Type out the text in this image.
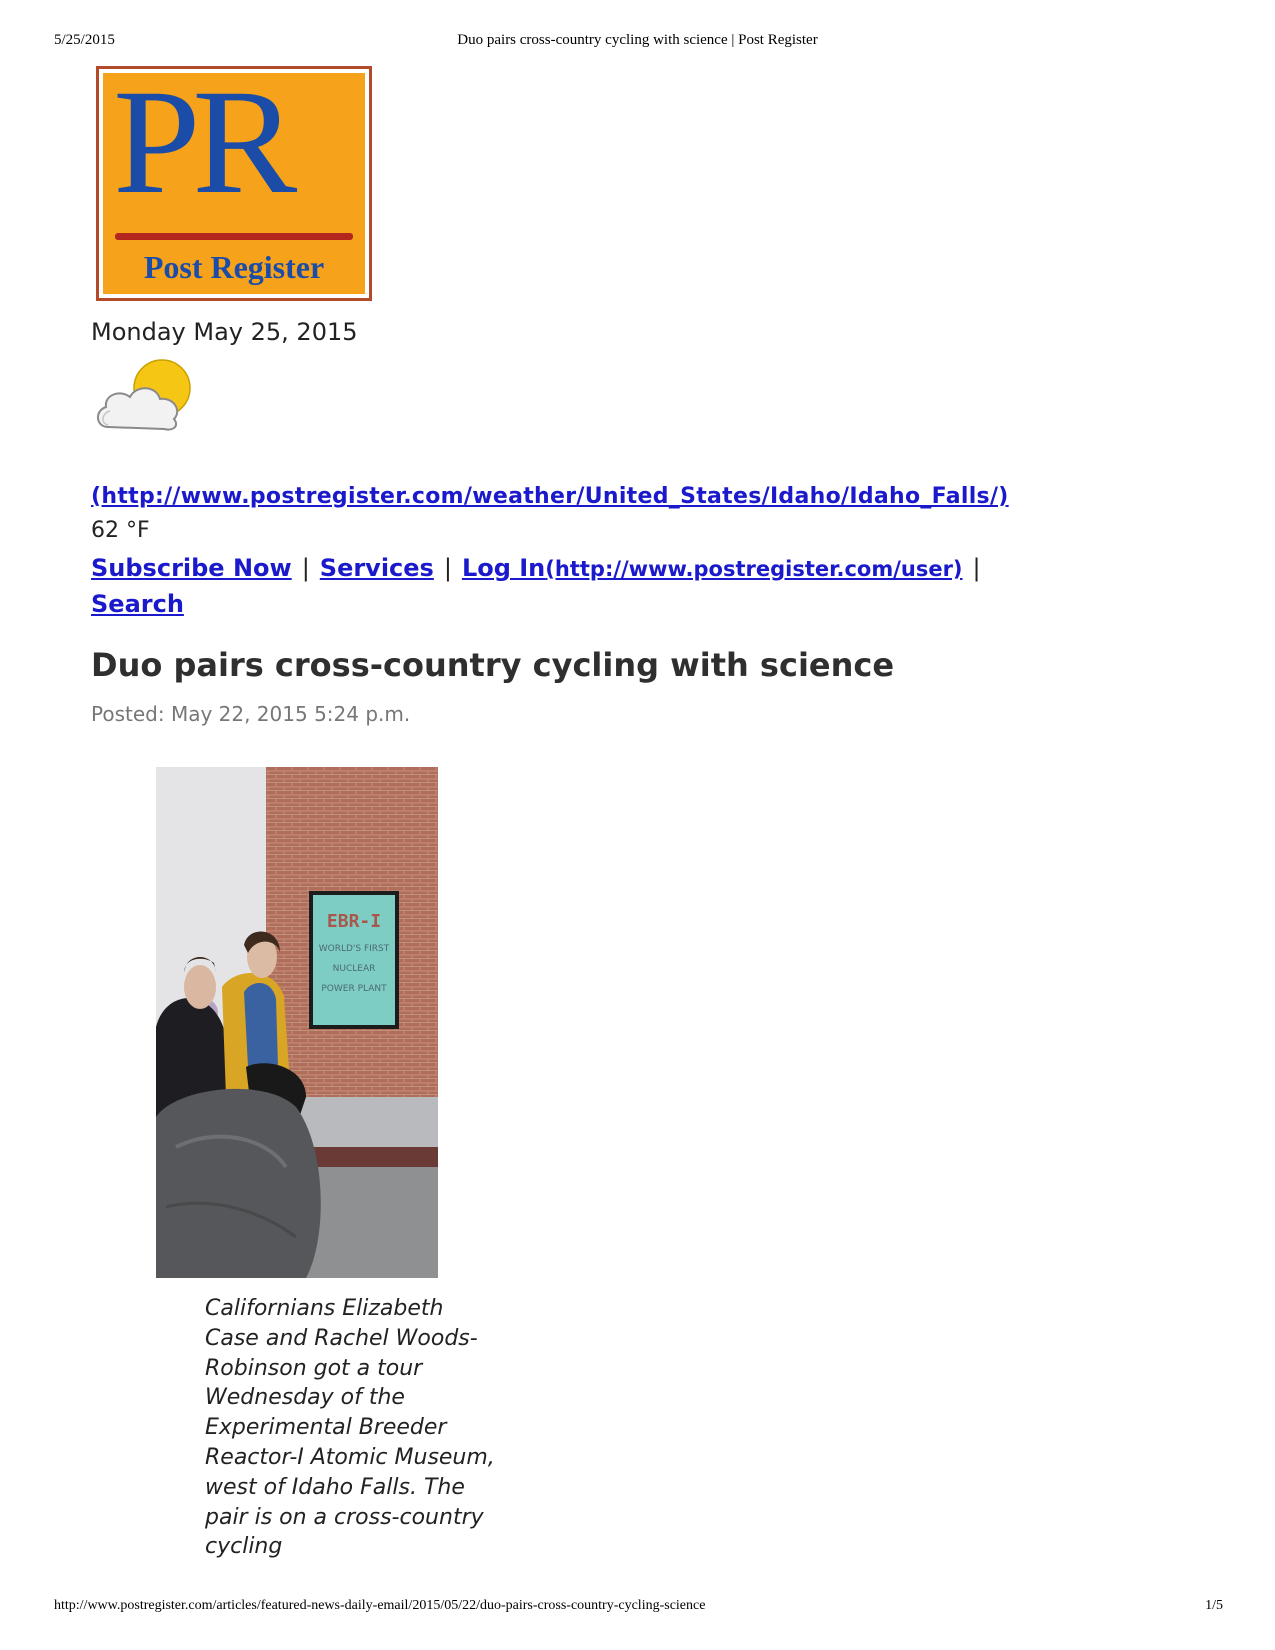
5/25/2015	Duo pairs cross-country cycling with science | Post Register
PR
Post Register
Monday May 25, 2015
(http://www.postregister.com/weather/United_States/Idaho/Idaho_Falls/)
62 °F
Subscribe Now | Services | Log In(http://www.postregister.com/user) |
Search
Duo pairs cross-country cycling with science
Posted: May 22, 2015 5:24 p.m.
EBR-I
WORLD'S FIRST
NUCLEAR
POWER PLANT
Californians Elizabeth Case and Rachel Woods-Robinson got a tour Wednesday of the Experimental Breeder Reactor-I Atomic Museum, west of Idaho Falls. The pair is on a cross-country cycling
http://www.postregister.com/articles/featured-news-daily-email/2015/05/22/duo-pairs-cross-country-cycling-science	1/5
